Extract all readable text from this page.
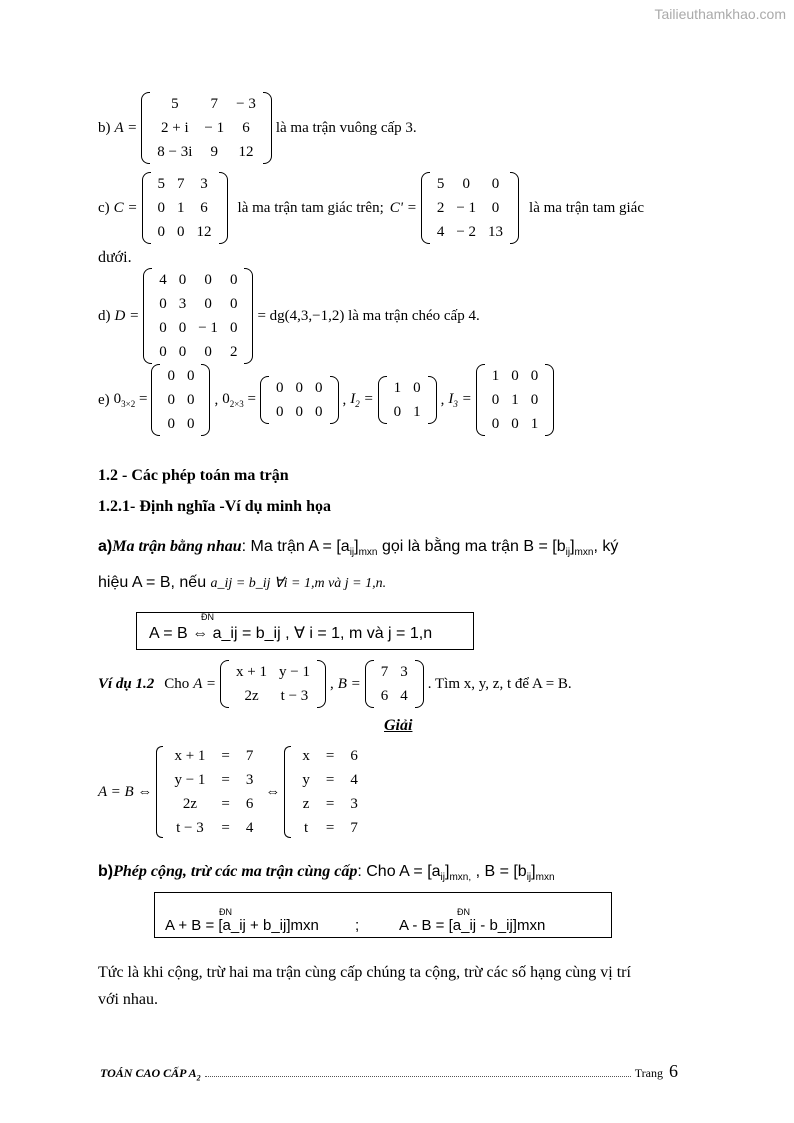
Tailieuthamkhao.com
b) A =
5	7	− 3
2 + i	− 1	6
8 − 3i	9	12
là ma trận vuông cấp 3.
c) C =
5	7	3
0	1	6
0	0	12
là ma trận tam giác trên; C' =
5	0	0
2	− 1	0
4	− 2	13
là ma trận tam giác
dưới.
d) D =
4	0	0	0
0	3	0	0
0	0	− 1	0
0	0	0	2
= dg(4,3,−1,2) là ma trận chéo cấp 4.
e) $0_{3\times 2}$ =
0	0
0	0
0	0
, $0_{2\times 3}$ =
0	0	0
0	0	0
, $I_2$ =
1	0
0	1
, $I_3$ =
1	0	0
0	1	0
0	0	1
1.2 - Các phép toán ma trận
1.2.1- Định nghĩa -Ví dụ minh họa
a)Ma trận bằng nhau: Ma trận $A = [a_{ij}]_{mxn}$ gọi là bằng ma trận $B = [b_{ij}]_{mxn}$, ký
hiệu A = B, nếu a_ij = b_ij ∀i = 1,m và j = 1,n.
ĐN
A = B ⇔ a_ij = b_ij , ∀ i = 1, m và j = 1,n
Ví dụ 1.2 Cho A =
x + 1	y − 1
2z	t − 3
, B =
7	3
6	4
. Tìm x, y, z, t để A = B.
Giải
A = B ⇔
x + 1	=	7
y − 1	=	3
2z	=	6
t − 3	=	4
⇔
x	=	6
y	=	4
z	=	3
t	=	7
b)Phép cộng, trừ các ma trận cùng cấp: Cho $A = [a_{ij}]_{mxn,}$ , $B = [b_{ij}]_{mxn}$
ĐN
A + B = [a_ij + b_ij]mxn ;
ĐN
A - B = [a_ij - b_ij]mxn
Tức là khi cộng, trừ hai ma trận cùng cấp chúng ta cộng, trừ các số hạng cùng vị trí
với nhau.
TOÁN CAO CẤP $A_2$	Trang 6
